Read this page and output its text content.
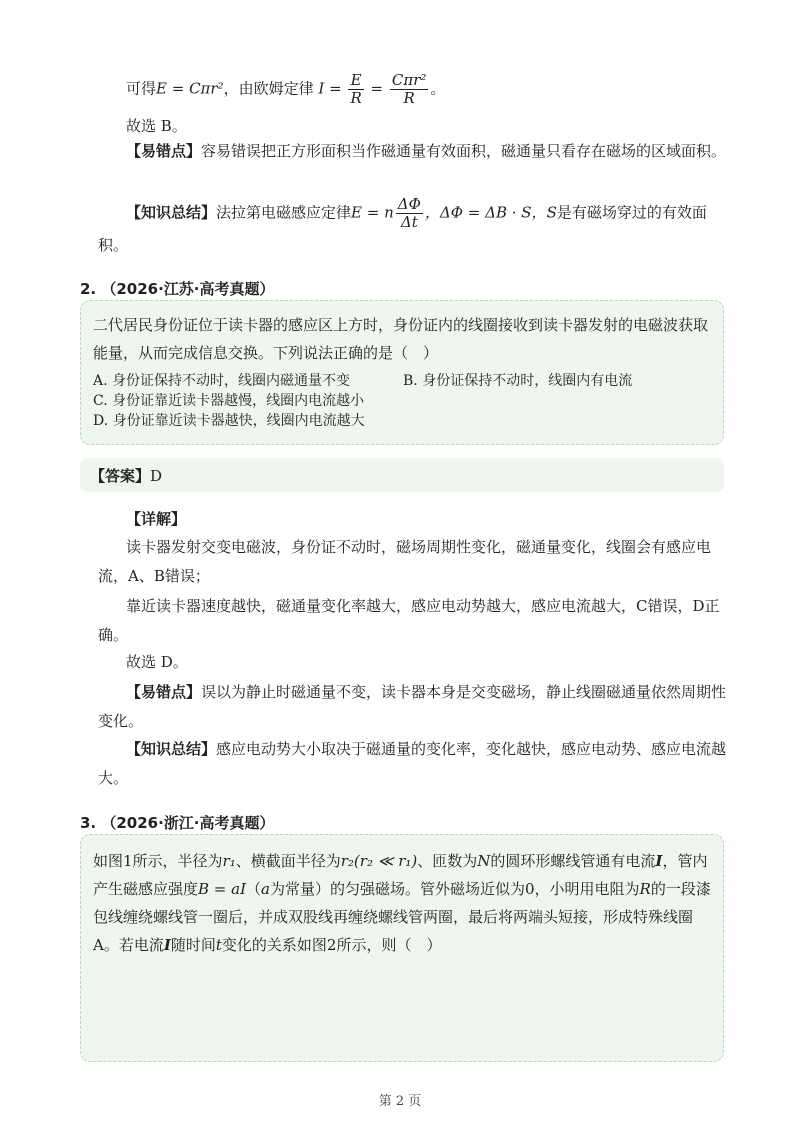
可得E = Cπr²，由欧姆定律 $I = \frac{E}{R} = \frac{\text{Cπr²}}{R}$ 。

故选 B。

【易错点】容易错误把正方形面积当作磁通量有效面积，磁通量只看存在磁场的区域面积。

【知识总结】法拉第电磁感应定律E = n $\frac{\Delta\Phi}{\Delta t}$ ，ΔΦ = ΔB · S，S是有磁场穿过的有效面积。

2. （2026·江苏·高考真题）

二代居民身份证位于读卡器的感应区上方时，身份证内的线圈接收到读卡器发射的电磁波获取能量，从而完成信息交换。下列说法正确的是（　）

A. 身份证保持不动时，线圈内磁通量不变	B. 身份证保持不动时，线圈内有电流

C. 身份证靠近读卡器越慢，线圈内电流越小

D. 身份证靠近读卡器越快，线圈内电流越大

【答案】D

【详解】

读卡器发射交变电磁波，身份证不动时，磁场周期性变化，磁通量变化，线圈会有感应电流，A、B错误；

靠近读卡器速度越快，磁通量变化率越大，感应电动势越大，感应电流越大，C错误，D正确。

故选 D。

【易错点】误以为静止时磁通量不变，读卡器本身是交变磁场，静止线圈磁通量依然周期性变化。

【知识总结】感应电动势大小取决于磁通量的变化率，变化越快，感应电动势、感应电流越大。

3. （2026·浙江·高考真题）

如图1所示，半径为r₁、横截面半径为r₂(r₂ ≪ r₁)、匝数为N的圆环形螺线管通有电流I，管内产生磁感应强度B = aI（a为常量）的匀强磁场。管外磁场近似为0，小明用电阻为R的一段漆包线缠绕螺线管一圈后，并成双股线再缠绕螺线管两圈，最后将两端头短接，形成特殊线圈A。若电流I随时间t变化的关系如图2所示，则（　）

第 2 页
